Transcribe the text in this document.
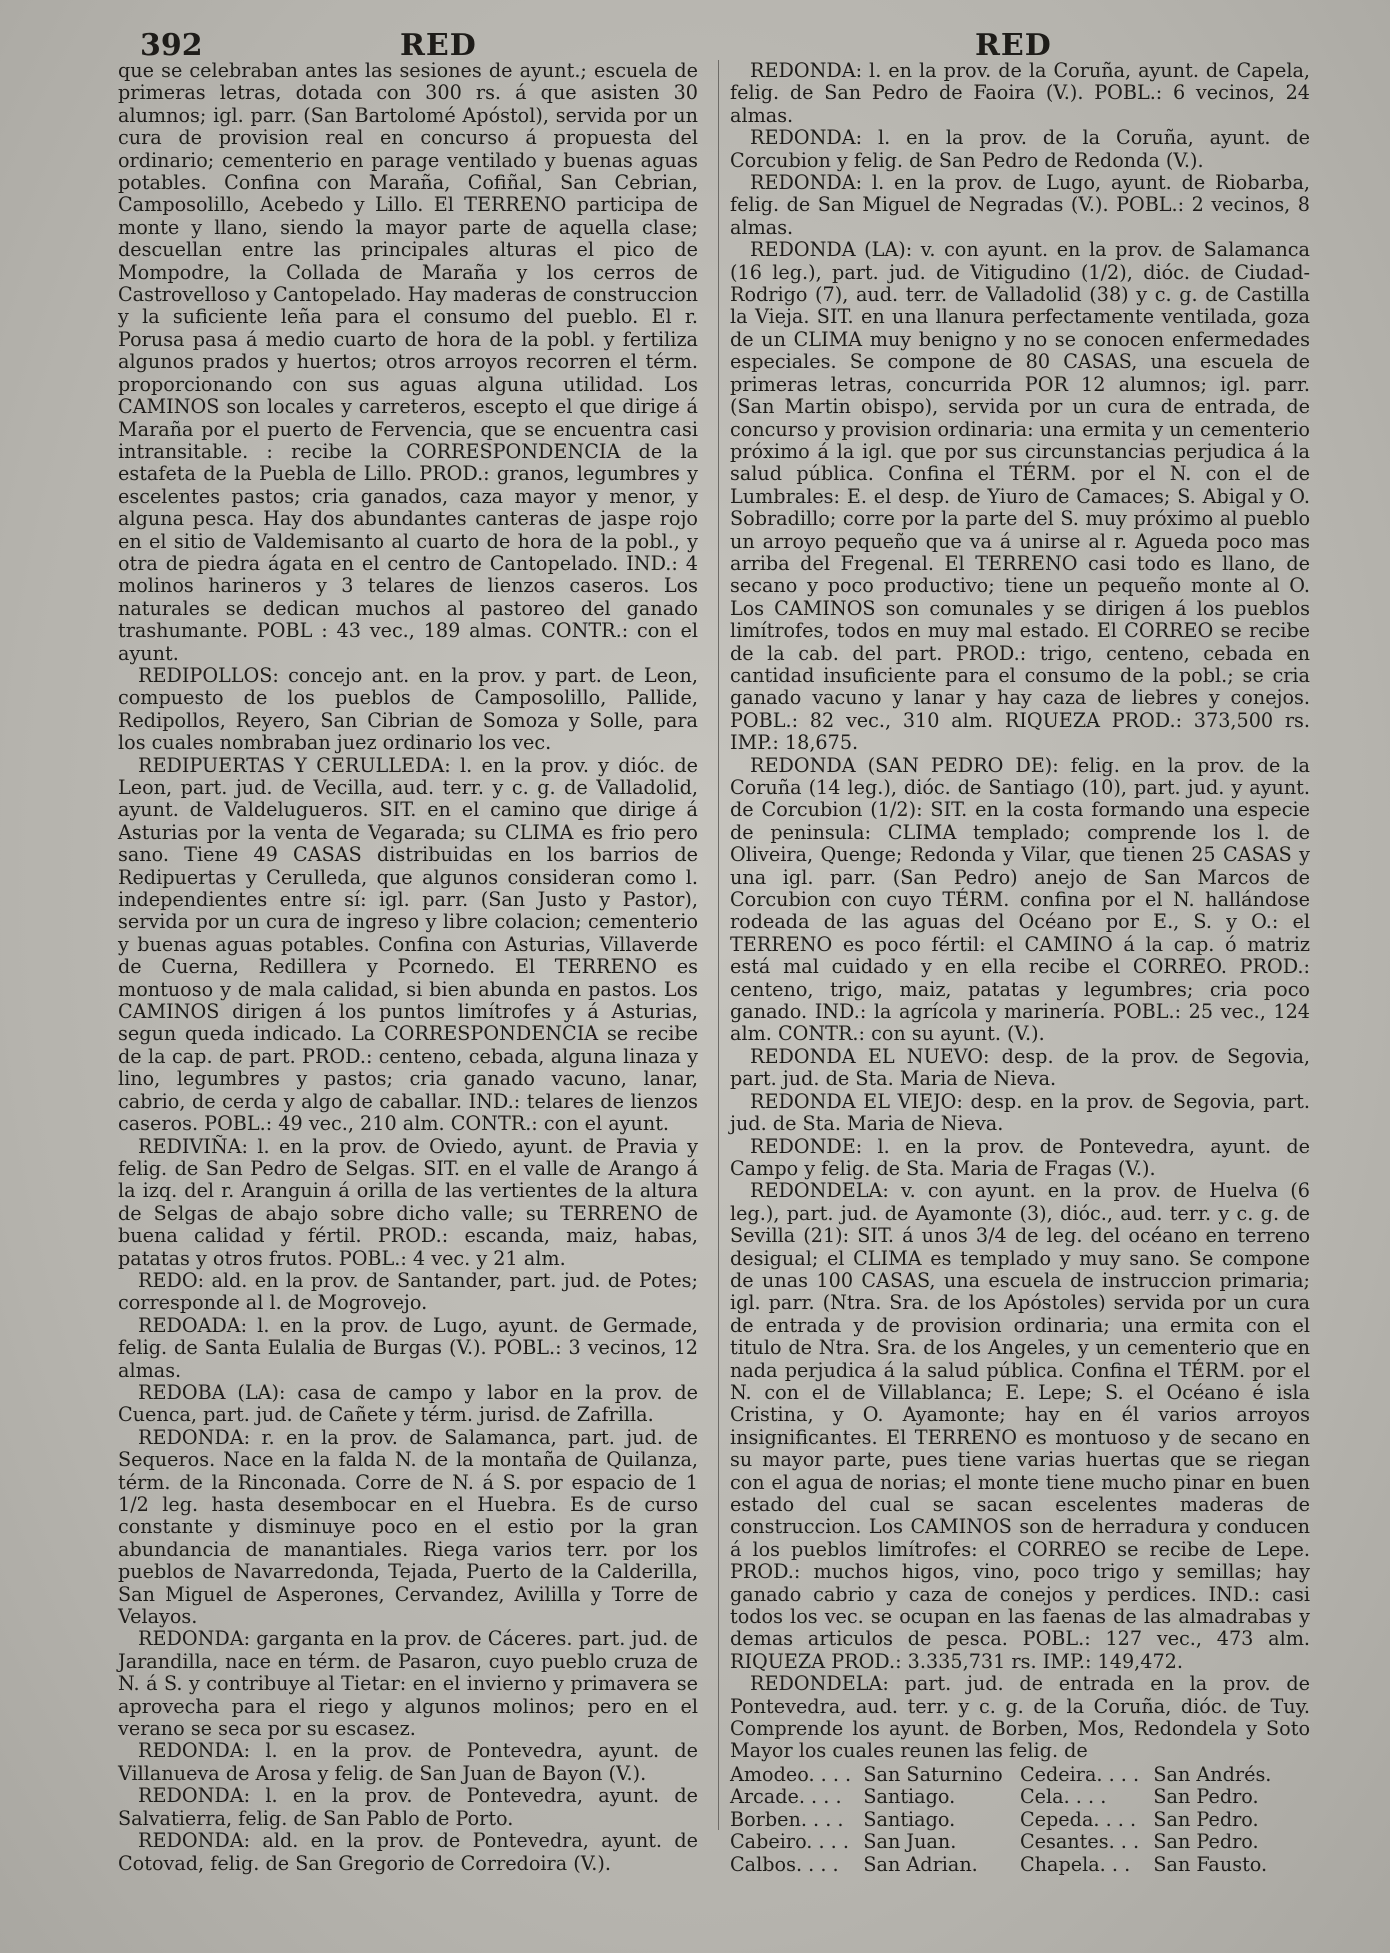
392	RED	RED

que se celebraban antes las sesiones de ayunt.; escuela de primeras letras, dotada con 300 rs. á que asisten 30 alumnos; igl. parr. (San Bartolomé Apóstol), servida por un cura de provision real en concurso á propuesta del ordinario; cementerio en parage ventilado y buenas aguas potables. Confina con Maraña, Cofiñal, San Cebrian, Camposolillo, Acebedo y Lillo. El TERRENO participa de monte y llano, siendo la mayor parte de aquella clase; descuellan entre las principales alturas el pico de Mompodre, la Collada de Maraña y los cerros de Castrovelloso y Cantopelado. Hay maderas de construccion y la suficiente leña para el consumo del pueblo. El r. Porusa pasa á medio cuarto de hora de la pobl. y fertiliza algunos prados y huertos; otros arroyos recorren el térm. proporcionando con sus aguas alguna utilidad. Los CAMINOS son locales y carreteros, escepto el que dirige á Maraña por el puerto de Fervencia, que se encuentra casi intransitable. : recibe la CORRESPONDENCIA de la estafeta de la Puebla de Lillo. PROD.: granos, legumbres y escelentes pastos; cria ganados, caza mayor y menor, y alguna pesca. Hay dos abundantes canteras de jaspe rojo en el sitio de Valdemisanto al cuarto de hora de la pobl., y otra de piedra ágata en el centro de Cantopelado. IND.: 4 molinos harineros y 3 telares de lienzos caseros. Los naturales se dedican muchos al pastoreo del ganado trashumante. POBL : 43 vec., 189 almas. CONTR.: con el ayunt.

REDIPOLLOS: concejo ant. en la prov. y part. de Leon, compuesto de los pueblos de Camposolillo, Pallide, Redipollos, Reyero, San Cibrian de Somoza y Solle, para los cuales nombraban juez ordinario los vec.

REDIPUERTAS Y CERULLEDA: l. en la prov. y dióc. de Leon, part. jud. de Vecilla, aud. terr. y c. g. de Valladolid, ayunt. de Valdelugueros. SIT. en el camino que dirige á Asturias por la venta de Vegarada; su CLIMA es frio pero sano. Tiene 49 CASAS distribuidas en los barrios de Redipuertas y Cerulleda, que algunos consideran como l. independientes entre sí: igl. parr. (San Justo y Pastor), servida por un cura de ingreso y libre colacion; cementerio y buenas aguas potables. Confina con Asturias, Villaverde de Cuerna, Redillera y Pcornedo. El TERRENO es montuoso y de mala calidad, si bien abunda en pastos. Los CAMINOS dirigen á los puntos limítrofes y á Asturias, segun queda indicado. La CORRESPONDENCIA se recibe de la cap. de part. PROD.: centeno, cebada, alguna linaza y lino, legumbres y pastos; cria ganado vacuno, lanar, cabrio, de cerda y algo de caballar. IND.: telares de lienzos caseros. POBL.: 49 vec., 210 alm. CONTR.: con el ayunt.

REDIVIÑA: l. en la prov. de Oviedo, ayunt. de Pravia y felig. de San Pedro de Selgas. SIT. en el valle de Arango á la izq. del r. Aranguin á orilla de las vertientes de la altura de Selgas de abajo sobre dicho valle; su TERRENO de buena calidad y fértil. PROD.: escanda, maiz, habas, patatas y otros frutos. POBL.: 4 vec. y 21 alm.

REDO: ald. en la prov. de Santander, part. jud. de Potes; corresponde al l. de Mogrovejo.

REDOADA: l. en la prov. de Lugo, ayunt. de Germade, felig. de Santa Eulalia de Burgas (V.). POBL.: 3 vecinos, 12 almas.

REDOBA (LA): casa de campo y labor en la prov. de Cuenca, part. jud. de Cañete y térm. jurisd. de Zafrilla.

REDONDA: r. en la prov. de Salamanca, part. jud. de Sequeros. Nace en la falda N. de la montaña de Quilanza, térm. de la Rinconada. Corre de N. á S. por espacio de 1 1/2 leg. hasta desembocar en el Huebra. Es de curso constante y disminuye poco en el estio por la gran abundancia de manantiales. Riega varios terr. por los pueblos de Navarredonda, Tejada, Puerto de la Calderilla, San Miguel de Asperones, Cervandez, Avililla y Torre de Velayos.

REDONDA: garganta en la prov. de Cáceres. part. jud. de Jarandilla, nace en térm. de Pasaron, cuyo pueblo cruza de N. á S. y contribuye al Tietar: en el invierno y primavera se aprovecha para el riego y algunos molinos; pero en el verano se seca por su escasez.

REDONDA: l. en la prov. de Pontevedra, ayunt. de Villanueva de Arosa y felig. de San Juan de Bayon (V.).

REDONDA: l. en la prov. de Pontevedra, ayunt. de Salvatierra, felig. de San Pablo de Porto.

REDONDA: ald. en la prov. de Pontevedra, ayunt. de Cotovad, felig. de San Gregorio de Corredoira (V.).

REDONDA: l. en la prov. de la Coruña, ayunt. de Capela, felig. de San Pedro de Faoira (V.). POBL.: 6 vecinos, 24 almas.

REDONDA: l. en la prov. de la Coruña, ayunt. de Corcubion y felig. de San Pedro de Redonda (V.).

REDONDA: l. en la prov. de Lugo, ayunt. de Riobarba, felig. de San Miguel de Negradas (V.). POBL.: 2 vecinos, 8 almas.

REDONDA (LA): v. con ayunt. en la prov. de Salamanca (16 leg.), part. jud. de Vitigudino (1/2), dióc. de Ciudad-Rodrigo (7), aud. terr. de Valladolid (38) y c. g. de Castilla la Vieja. SIT. en una llanura perfectamente ventilada, goza de un CLIMA muy benigno y no se conocen enfermedades especiales. Se compone de 80 CASAS, una escuela de primeras letras, concurrida POR 12 alumnos; igl. parr. (San Martin obispo), servida por un cura de entrada, de concurso y provision ordinaria: una ermita y un cementerio próximo á la igl. que por sus circunstancias perjudica á la salud pública. Confina el TÉRM. por el N. con el de Lumbrales: E. el desp. de Yiuro de Camaces; S. Abigal y O. Sobradillo; corre por la parte del S. muy próximo al pueblo un arroyo pequeño que va á unirse al r. Agueda poco mas arriba del Fregenal. El TERRENO casi todo es llano, de secano y poco productivo; tiene un pequeño monte al O. Los CAMINOS son comunales y se dirigen á los pueblos limítrofes, todos en muy mal estado. El CORREO se recibe de la cab. del part. PROD.: trigo, centeno, cebada en cantidad insuficiente para el consumo de la pobl.; se cria ganado vacuno y lanar y hay caza de liebres y conejos. POBL.: 82 vec., 310 alm. RIQUEZA PROD.: 373,500 rs. IMP.: 18,675.

REDONDA (SAN PEDRO DE): felig. en la prov. de la Coruña (14 leg.), dióc. de Santiago (10), part. jud. y ayunt. de Corcubion (1/2): SIT. en la costa formando una especie de peninsula: CLIMA templado; comprende los l. de Oliveira, Quenge; Redonda y Vilar, que tienen 25 CASAS y una igl. parr. (San Pedro) anejo de San Marcos de Corcubion con cuyo TÉRM. confina por el N. hallándose rodeada de las aguas del Océano por E., S. y O.: el TERRENO es poco fértil: el CAMINO á la cap. ó matriz está mal cuidado y en ella recibe el CORREO. PROD.: centeno, trigo, maiz, patatas y legumbres; cria poco ganado. IND.: la agrícola y marinería. POBL.: 25 vec., 124 alm. CONTR.: con su ayunt. (V.).

REDONDA EL NUEVO: desp. de la prov. de Segovia, part. jud. de Sta. Maria de Nieva.

REDONDA EL VIEJO: desp. en la prov. de Segovia, part. jud. de Sta. Maria de Nieva.

REDONDE: l. en la prov. de Pontevedra, ayunt. de Campo y felig. de Sta. Maria de Fragas (V.).

REDONDELA: v. con ayunt. en la prov. de Huelva (6 leg.), part. jud. de Ayamonte (3), dióc., aud. terr. y c. g. de Sevilla (21): SIT. á unos 3/4 de leg. del océano en terreno desigual; el CLIMA es templado y muy sano. Se compone de unas 100 CASAS, una escuela de instruccion primaria; igl. parr. (Ntra. Sra. de los Apóstoles) servida por un cura de entrada y de provision ordinaria; una ermita con el titulo de Ntra. Sra. de los Angeles, y un cementerio que en nada perjudica á la salud pública. Confina el TÉRM. por el N. con el de Villablanca; E. Lepe; S. el Océano é isla Cristina, y O. Ayamonte; hay en él varios arroyos insignificantes. El TERRENO es montuoso y de secano en su mayor parte, pues tiene varias huertas que se riegan con el agua de norias; el monte tiene mucho pinar en buen estado del cual se sacan escelentes maderas de construccion. Los CAMINOS son de herradura y conducen á los pueblos limítrofes: el CORREO se recibe de Lepe. PROD.: muchos higos, vino, poco trigo y semillas; hay ganado cabrio y caza de conejos y perdices. IND.: casi todos los vec. se ocupan en las faenas de las almadrabas y demas articulos de pesca. POBL.: 127 vec., 473 alm. RIQUEZA PROD.: 3.335,731 rs. IMP.: 149,472.

REDONDELA: part. jud. de entrada en la prov. de Pontevedra, aud. terr. y c. g. de la Coruña, dióc. de Tuy. Comprende los ayunt. de Borben, Mos, Redondela y Soto Mayor los cuales reunen las felig. de

Amodeo. . . .	San Saturnino	Cedeira. . . .	San Andrés.
Arcade. . . .	Santiago.	Cela. . . .	San Pedro.
Borben. . . .	Santiago.	Cepeda. . . .	San Pedro.
Cabeiro. . . .	San Juan.	Cesantes. . .	San Pedro.
Calbos. . . .	San Adrian.	Chapela. . .	San Fausto.
